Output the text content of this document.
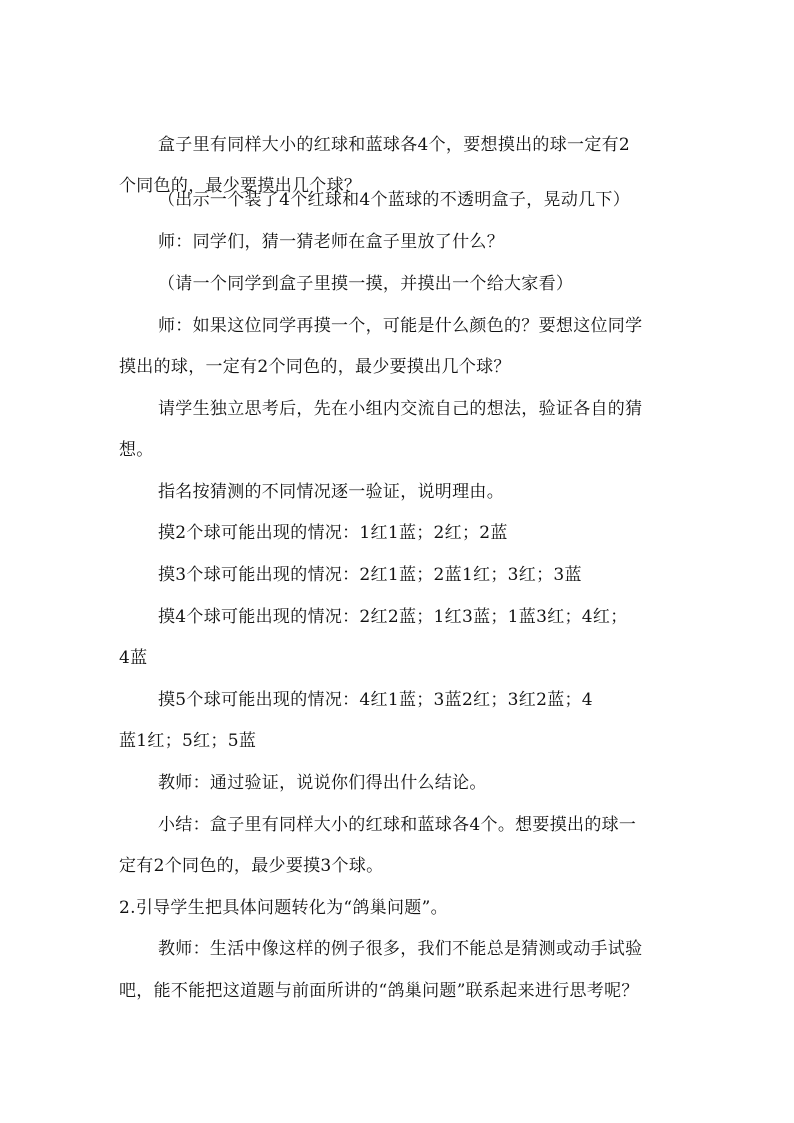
盒子里有同样大小的红球和蓝球各4个，要想摸出的球一定有2
个同色的，最少要摸出几个球？
（出示一个装了4个红球和4个蓝球的不透明盒子，晃动几下）
师：同学们，猜一猜老师在盒子里放了什么？
（请一个同学到盒子里摸一摸，并摸出一个给大家看）
师：如果这位同学再摸一个，可能是什么颜色的？要想这位同学
摸出的球，一定有2个同色的，最少要摸出几个球？
请学生独立思考后，先在小组内交流自己的想法，验证各自的猜
想。
指名按猜测的不同情况逐一验证，说明理由。
摸2个球可能出现的情况：1红1蓝；2红；2蓝
摸3个球可能出现的情况：2红1蓝；2蓝1红；3红；3蓝
摸4个球可能出现的情况：2红2蓝；1红3蓝；1蓝3红；4红；
4蓝
摸5个球可能出现的情况：4红1蓝；3蓝2红；3红2蓝；4
蓝1红；5红；5蓝
教师：通过验证，说说你们得出什么结论。
小结：盒子里有同样大小的红球和蓝球各4个。想要摸出的球一
定有2个同色的，最少要摸3个球。
2.引导学生把具体问题转化为“鸽巢问题”。
教师：生活中像这样的例子很多，我们不能总是猜测或动手试验
吧，能不能把这道题与前面所讲的“鸽巢问题”联系起来进行思考呢？
